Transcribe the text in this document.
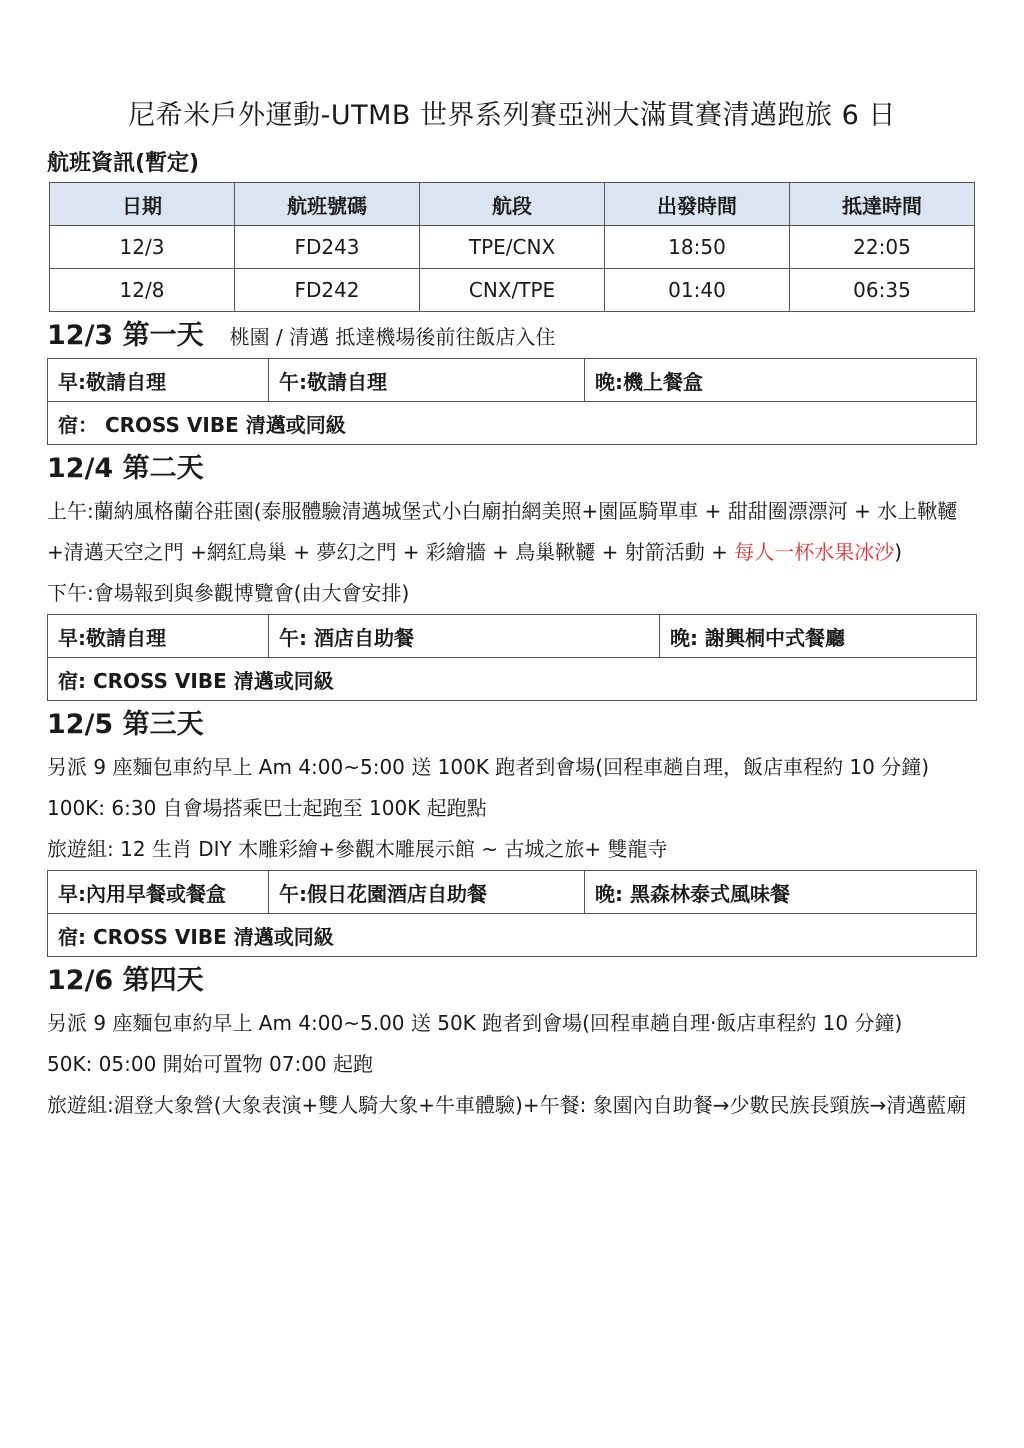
尼希米戶外運動-UTMB 世界系列賽亞洲大滿貫賽清邁跑旅 6 日
航班資訊(暫定)
日期	航班號碼	航段	出發時間	抵達時間
12/3	FD243	TPE/CNX	18:50	22:05
12/8	FD242	CNX/TPE	01:40	06:35
12/3 第一天 桃園 / 清邁 抵達機場後前往飯店入住
早:敬請自理	午:敬請自理	晚:機上餐盒
宿： CROSS VIBE 清邁或同級
12/4 第二天

上午:蘭納風格蘭谷莊園(泰服體驗清邁城堡式小白廟拍網美照+園區騎單車 + 甜甜圈漂漂河 + 水上鞦韆 +清邁天空之門 +網紅鳥巢 + 夢幻之門 + 彩繪牆 + 鳥巢鞦韆 + 射箭活動 + 每人一杯水果冰沙)

下午:會場報到與參觀博覽會(由大會安排)

早:敬請自理	午: 酒店自助餐	晚: 謝興桐中式餐廳
宿: CROSS VIBE 清邁或同級
12/5 第三天

另派 9 座麵包車約早上 Am 4:00~5:00 送 100K 跑者到會場(回程車趟自理，飯店車程約 10 分鐘)

100K: 6:30 自會場搭乘巴士起跑至 100K 起跑點

旅遊組: 12 生肖 DIY 木雕彩繪+參觀木雕展示館 ~ 古城之旅+ 雙龍寺

早:內用早餐或餐盒	午:假日花園酒店自助餐	晚: 黑森林泰式風味餐
宿: CROSS VIBE 清邁或同級
12/6 第四天

另派 9 座麵包車約早上 Am 4:00~5.00 送 50K 跑者到會場(回程車趟自理‧飯店車程約 10 分鐘)

50K: 05:00 開始可置物 07:00 起跑

旅遊組:湄登大象營(大象表演+雙人騎大象+牛車體驗)+午餐: 象園內自助餐→少數民族長頸族→清邁藍廟
